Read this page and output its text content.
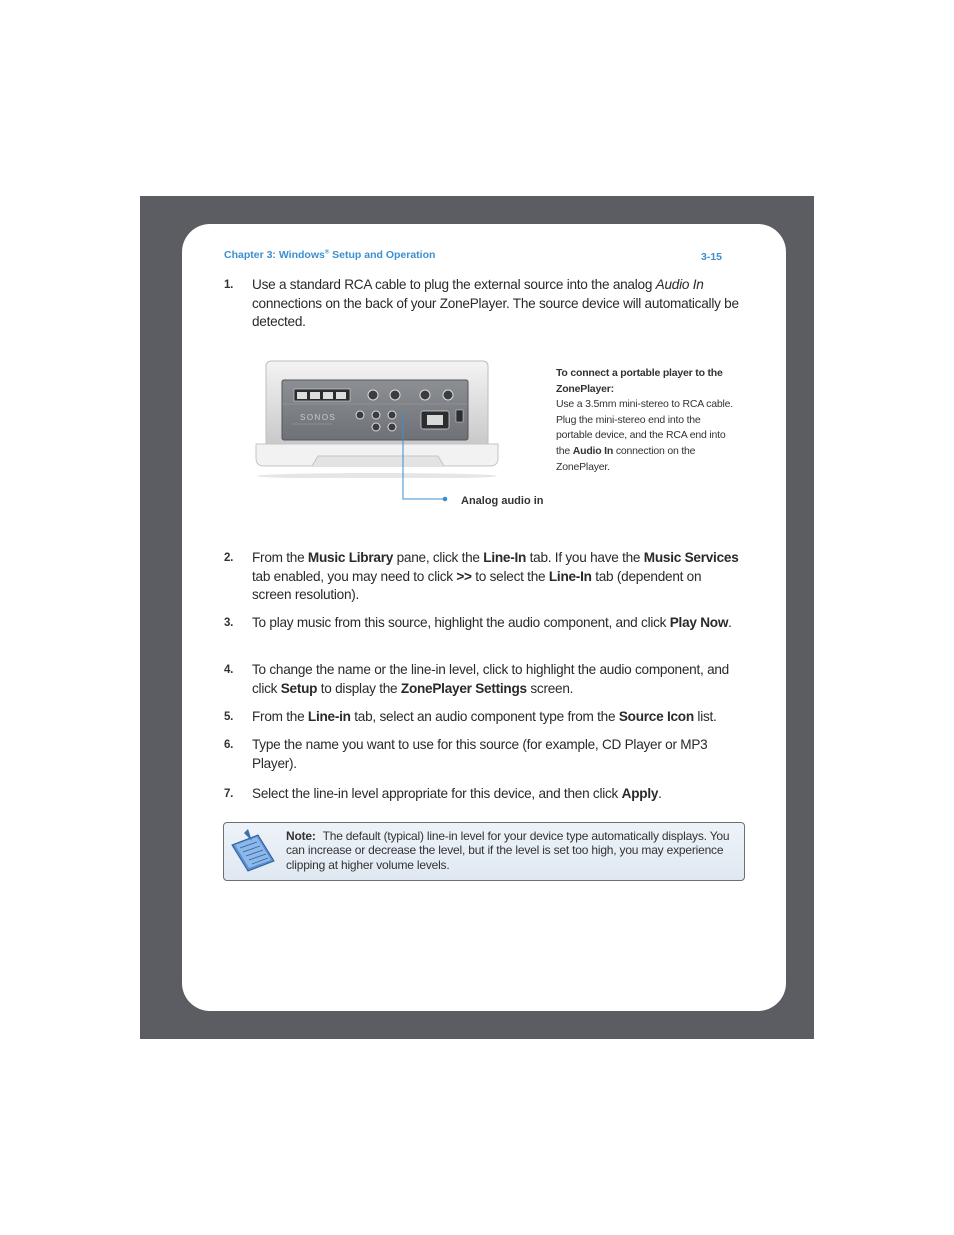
Chapter 3: Windows® Setup and Operation	3-15
1. Use a standard RCA cable to plug the external source into the analog Audio In connections on the back of your ZonePlayer. The source device will automatically be detected.
SONOS
To connect a portable player to the ZonePlayer:
Use a 3.5mm mini-stereo to RCA cable. Plug the mini-stereo end into the portable device, and the RCA end into the Audio In connection on the ZonePlayer.
Analog audio in
2. From the Music Library pane, click the Line-In tab. If you have the Music Services tab enabled, you may need to click >> to select the Line-In tab (dependent on screen resolution).
3. To play music from this source, highlight the audio component, and click Play Now.
4. To change the name or the line-in level, click to highlight the audio component, and click Setup to display the ZonePlayer Settings screen.
5. From the Line-in tab, select an audio component type from the Source Icon list.
6. Type the name you want to use for this source (for example, CD Player or MP3 Player).
7. Select the line-in level appropriate for this device, and then click Apply.
Note: The default (typical) line-in level for your device type automatically displays. You can increase or decrease the level, but if the level is set too high, you may experience clipping at higher volume levels.
